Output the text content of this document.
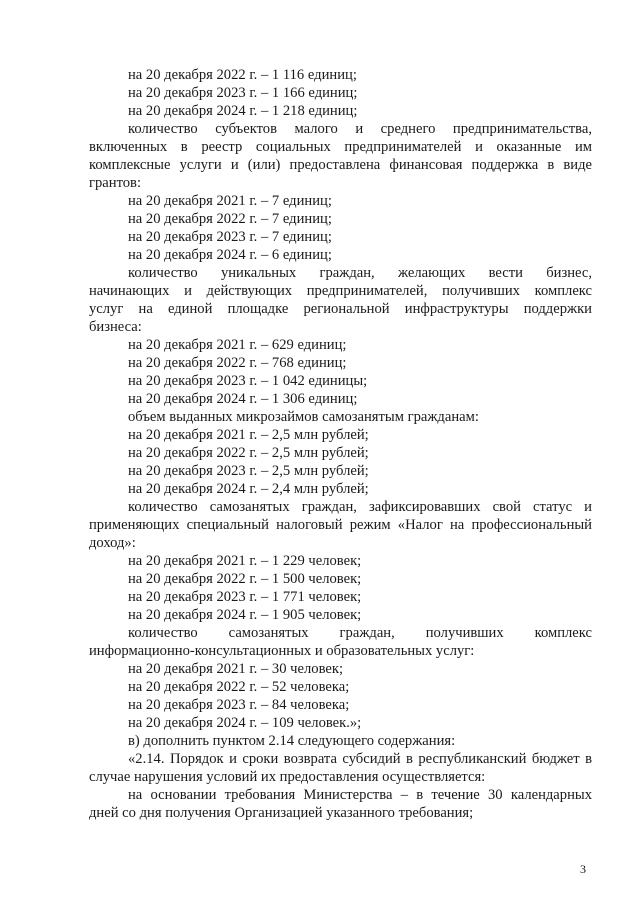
на 20 декабря 2022 г. – 1 116 единиц;
на 20 декабря 2023 г. – 1 166 единиц;
на 20 декабря 2024 г. – 1 218 единиц;
количество субъектов малого и среднего предпринимательства,
включенных в реестр социальных предпринимателей и оказанные им
комплексные услуги и (или) предоставлена финансовая поддержка в виде
грантов:
на 20 декабря 2021 г. – 7 единиц;
на 20 декабря 2022 г. – 7 единиц;
на 20 декабря 2023 г. – 7 единиц;
на 20 декабря 2024 г. – 6 единиц;
количество уникальных граждан, желающих вести бизнес,
начинающих и действующих предпринимателей, получивших комплекс
услуг на единой площадке региональной инфраструктуры поддержки
бизнеса:
на 20 декабря 2021 г. – 629 единиц;
на 20 декабря 2022 г. – 768 единиц;
на 20 декабря 2023 г. – 1 042 единицы;
на 20 декабря 2024 г. – 1 306 единиц;
объем выданных микрозаймов самозанятым гражданам:
на 20 декабря 2021 г. – 2,5 млн рублей;
на 20 декабря 2022 г. – 2,5 млн рублей;
на 20 декабря 2023 г. – 2,5 млн рублей;
на 20 декабря 2024 г. – 2,4 млн рублей;
количество самозанятых граждан, зафиксировавших свой статус и
применяющих специальный налоговый режим «Налог на профессиональный
доход»:
на 20 декабря 2021 г. – 1 229 человек;
на 20 декабря 2022 г. – 1 500 человек;
на 20 декабря 2023 г. – 1 771 человек;
на 20 декабря 2024 г. – 1 905 человек;
количество самозанятых граждан, получивших комплекс
информационно-консультационных и образовательных услуг:
на 20 декабря 2021 г. – 30 человек;
на 20 декабря 2022 г. – 52 человека;
на 20 декабря 2023 г. – 84 человека;
на 20 декабря 2024 г. – 109 человек.»;
в) дополнить пунктом 2.14 следующего содержания:
«2.14. Порядок и сроки возврата субсидий в республиканский бюджет в
случае нарушения условий их предоставления осуществляется:
на основании требования Министерства – в течение 30 календарных
дней со дня получения Организацией указанного требования;
3
